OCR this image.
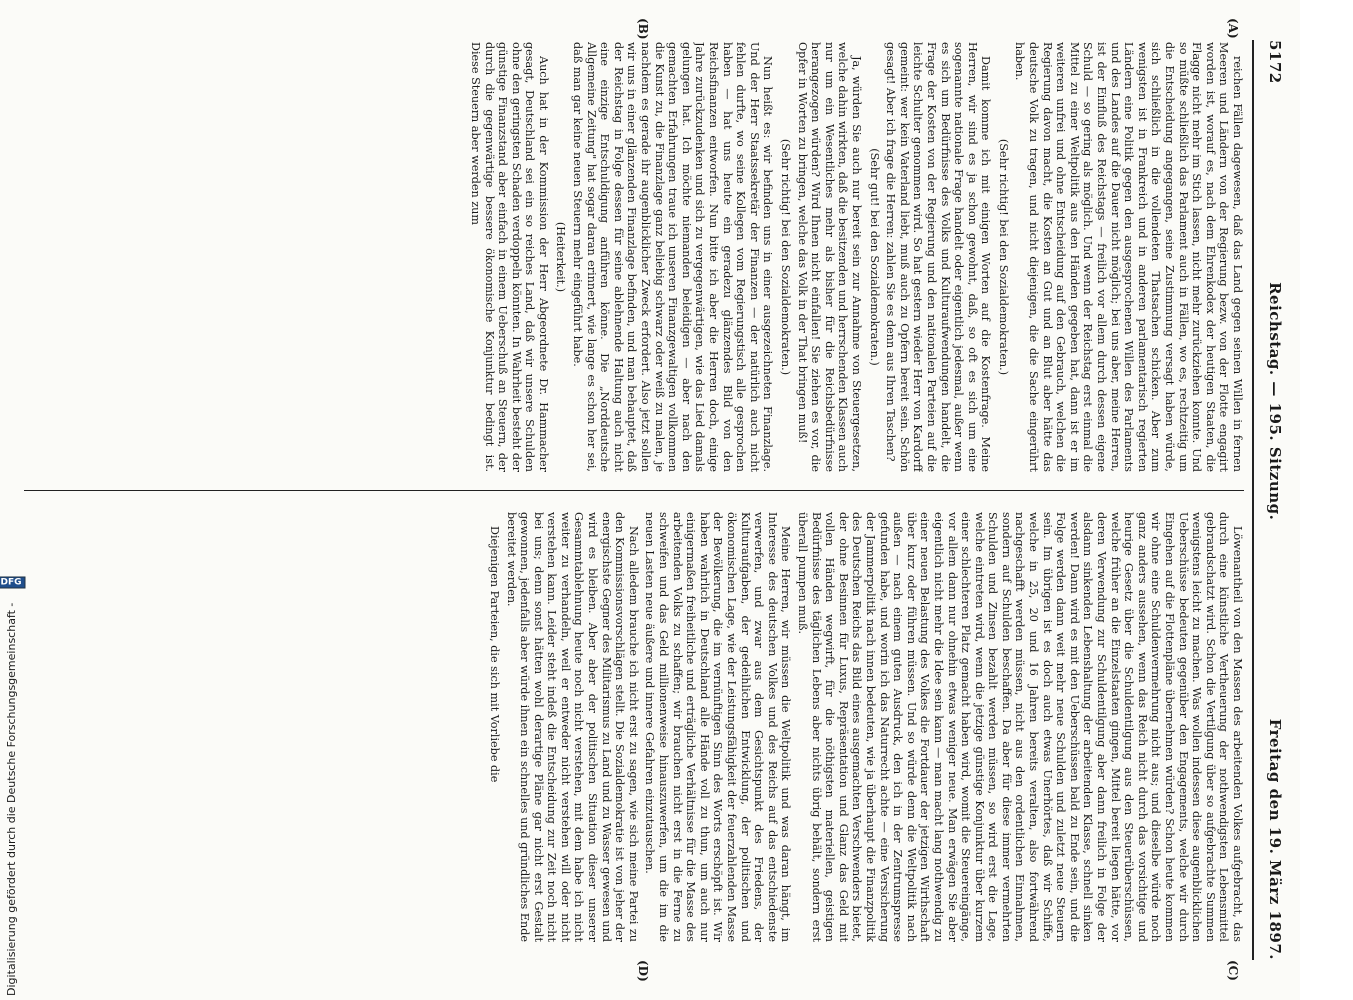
5172
Reichstag. — 195. Sitzung.
Freitag den 19. März 1897.
(A)
(B)
(C)
(D)

reichen Fällen dagewesen, daß das Land gegen seinen Willen in fernen Meeren und Ländern von der Regierung bezw. von der Flotte engagirt worden ist, worauf es, nach dem Ehrenkodex der heutigen Staaten, die Flagge nicht mehr im Stich lassen, nicht mehr zurückziehen konnte. Und so müßte schließlich das Parlament auch in Fällen, wo es, rechtzeitig um die Entscheidung angegangen, seine Zustimmung versagt haben würde, sich schließlich in die vollendeten Thatsachen schicken. Aber zum wenigsten ist in Frankreich und in anderen parlamentarisch regierten Ländern eine Politik gegen den ausgesprochenen Willen des Parlaments und des Landes auf die Dauer nicht möglich; bei uns aber, meine Herren, ist der Einfluß des Reichstags — freilich vor allem durch dessen eigene Schuld — so gering als möglich. Und wenn der Reichstag erst einmal die Mittel zu einer Weltpolitik aus den Händen gegeben hat, dann ist er im weiteren unfrei und ohne Entscheidung auf den Gebrauch, welchen die Regierung davon macht, die Kosten an Gut und an Blut aber hätte das deutsche Volk zu tragen, und nicht diejenigen, die die Sache eingerührt haben.

(Sehr richtig! bei den Sozialdemokraten.)

Damit komme ich mit einigen Worten auf die Kostenfrage. Meine Herren, wir sind es ja schon gewohnt, daß, so oft es sich um eine sogenannte nationale Frage handelt oder eigentlich jedesmal, außer wenn es sich um Bedürfnisse des Volks und Kulturaufwendungen handelt, die Frage der Kosten von der Regierung und den nationalen Parteien auf die leichte Schulter genommen wird. So hat gestern wieder Herr von Kardorff gemeint: wer kein Vaterland liebt, muß auch zu Opfern bereit sein. Schön gesagt! Aber ich frage die Herren: zahlen Sie es denn aus Ihren Taschen?

(Sehr gut! bei den Sozialdemokraten.)

Ja, würden Sie auch nur bereit sein zur Annahme von Steuergesetzen, welche dahin wirkten, daß die besitzenden und herrschenden Klassen auch nur um ein Wesentliches mehr als bisher für die Reichsbedürfnisse herangezogen würden? Wird Ihnen nicht einfallen! Sie ziehen es vor, die Opfer in Worten zu bringen, welche das Volk in der That bringen muß!

(Sehr richtig! bei den Sozialdemokraten.)

Nun heißt es: wir befinden uns in einer ausgezeichneten Finanzlage. Und der Herr Staatssekretär der Finanzen — der natürlich auch nicht fehlen durfte, wo seine Kollegen vom Regierungstisch alle gesprochen haben — hat uns heute ein geradezu glänzendes Bild von den Reichsfinanzen entworfen. Nun bitte ich aber die Herren doch, einige Jahre zurückzudenken und sich zu vergegenwärtigen, wie das Lied damals gelungen hat. Ich möchte niemanden beleidigen — aber nach den gemachten Erfahrungen traue ich unseren Finanzgewaltigen vollkommen die Kunst zu, die Finanzlage ganz beliebig schwarz oder weiß zu malen, je nachdem es gerade ihr augenblicklicher Zweck erfordert. Also jetzt sollen wir uns in einer glänzenden Finanzlage befinden, und man behauptet, daß der Reichstag in Folge dessen für seine ablehnende Haltung auch nicht eine einzige Entschuldigung anführen könne. Die „Norddeutsche Allgemeine Zeitung" hat sogar daran erinnert, wie lange es schon her sei, daß man gar keine neuen Steuern mehr eingeführt habe.

(Heiterkeit.)

Auch hat in der Kommission der Herr Abgeordnete Dr. Hammacher gesagt, Deutschland sei ein so reiches Land, daß wir unsere Schulden ohne den geringsten Schaden verdoppeln könnten. In Wahrheit besteht der günstige Finanzstand aber einfach in einem Ueberschuß an Steuern, der durch die gegenwärtige bessere ökonomische Konjunktur bedingt ist. Diese Steuern aber werden zum

Löwenantheil von den Massen des arbeitenden Volkes aufgebracht, das durch eine künstliche Vertheuerung der nothwendigsten Lebensmittel gebrandschatzt wird. Schon die Vertilgung über so aufgebrachte Summen wenigstens leicht zu machen. Was wollen indessen diese augenblicklichen Ueberschüsse bedeuten gegenüber den Engagements, welche wir durch Eingehen auf die Flottenpläne übernehmen würden? Schon heute kommen wir ohne eine Schuldenvermehrung nicht aus; und dieselbe würde noch ganz anders aussehen, wenn das Reich nicht durch das vorsichtige und heurige Gesetz über die Schuldentilgung aus den Steuerüberschüssen, welche früher an die Einzelstaaten gingen, Mittel bereit liegen hätte, vor deren Verwendung zur Schuldentilgung aber dann freilich in Folge der alsdann sinkenden Lebenshaltung der arbeitenden Klasse, schnell sinken werden! Dann wird es mit den Ueberschüssen bald zu Ende sein, und die Folge werden dann weit mehr neue Schulden und zuletzt neue Steuern sein. Im übrigen ist es doch auch etwas Unerhörtes, daß wir Schiffe, welche in 25, 20 und 16 Jahren bereits veralten, also fortwährend nachgeschafft werden müssen, nicht aus den ordentlichen Einnahmen, sondern auf Schulden beschaffen. Da aber für diese immer vermehrten Schulden und Zinsen bezahlt werden müssen, so wird erst die Lage, welche eintreten wird, wenn die jetzige günstige Konjunktur über kurzem einer schlechteren Platz gemacht haben wird, womit die Steuereingänge, vor allem dann nur ohnehin etwas weniger neue. Man erwägen Sie aber eigentlich nicht mehr die Idee sein kann — man macht lang nothwendig zu einer neuen Belastung des Volkes die Fortdauer der jetzigen Wirthschaft über kurz oder führen müssen. Und so würde denn die Weltpolitik nach außen — nach einem guten Ausdruck, den ich in der Zentrumspresse gefunden habe, und worin ich das Naturrecht achte — eine Versicherung der Jammerpolitik nach innen bedeuten, wie ja überhaupt die Finanzpolitik des Deutschen Reichs das Bild eines ausgemachten Verschwenders bietet, der ohne Besinnen für Luxus, Repräsentation und Glanz das Geld mit vollen Händen wegwirft, für die nöthigsten materiellen, geistigen Bedürfnisse des täglichen Lebens aber nichts übrig behält, sondern erst überall pumpen muß.

Meine Herren, wir müssen die Weltpolitik und was daran hängt, im Interesse des deutschen Volkes und des Reichs auf das entschiedenste verwerfen, und zwar aus dem Gesichtspunkt des Friedens, der Kulturaufgaben, der gedeihlichen Entwicklung, der politischen und ökonomischen Lage, wie der Leistungsfähigkeit der feuerzahlenden Masse der Bevölkerung, die im vernünftigen Sinn des Worts erschöpft ist. Wir haben wahrlich in Deutschland alle Hände voll zu thun, um auch nur einigermaßen freiheitliche und erträgliche Verhältnisse für die Masse des arbeitenden Volks zu schaffen; wir brauchen nicht erst in die Ferne zu schweifen und das Geld millionenweise hinauszuwerfen, um die im die neuen Lasten neue äußere und innere Gefahren einzutauschen.

Nach alledem brauche ich nicht erst zu sagen, wie sich meine Partei zu den Kommissionsvorschlägen stellt. Die Sozialdemokratie ist von jeher der energischste Gegner des Militarismus zu Land und zu Wasser gewesen und wird es bleiben. Aber aber der politischen Situation dieser unserer Gesammtablehnung heute noch nicht verstehen, mit dem habe ich nicht weiter zu verhandeln, weil er entweder nicht verstehen will oder nicht verstehen kann. Leider steht indeß die Entscheidung zur Zeit noch nicht bei uns; denn sonst hätten wohl derartige Pläne gar nicht erst Gestalt gewonnen, jedenfalls aber würde ihnen ein schnelles und gründliches Ende bereitet werden.

Diejenigen Parteien, die sich mit Vorliebe die

Digitalisierung gefördert durch die Deutsche Forschungsgemeinschaft -
DFG
